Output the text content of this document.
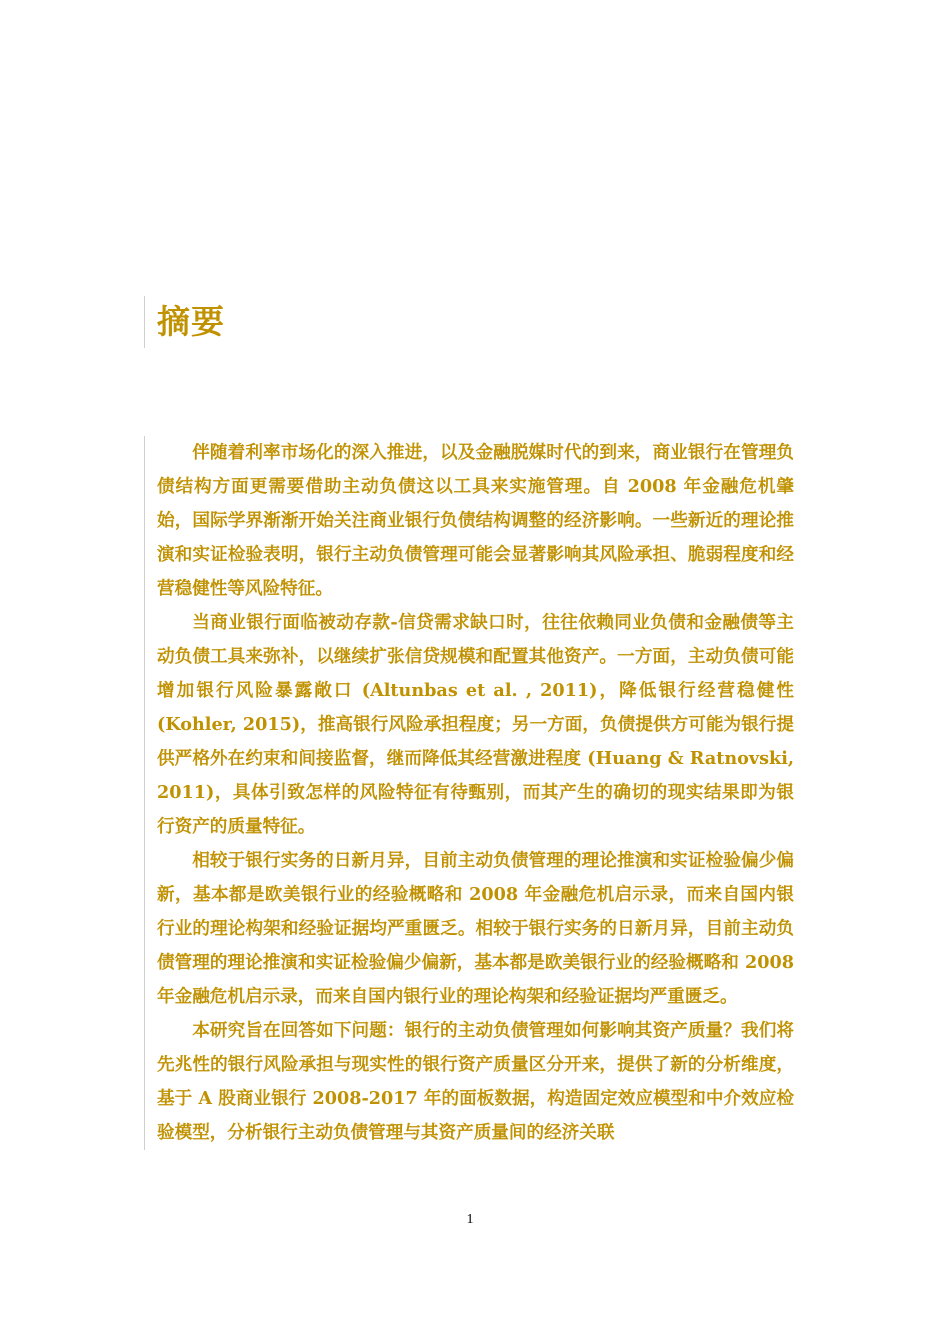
摘要

伴随着利率市场化的深入推进，以及金融脱媒时代的到来，商业银行在管理负债结构方面更需要借助主动负债这以工具来实施管理。自 2008 年金融危机肇始，国际学界渐渐开始关注商业银行负债结构调整的经济影响。一些新近的理论推演和实证检验表明，银行主动负债管理可能会显著影响其风险承担、脆弱程度和经营稳健性等风险特征。

当商业银行面临被动存款-信贷需求缺口时，往往依赖同业负债和金融债等主动负债工具来弥补，以继续扩张信贷规模和配置其他资产。一方面，主动负债可能增加银行风险暴露敞口 (Altunbas et al. , 2011)，降低银行经营稳健性 (Kohler, 2015)，推高银行风险承担程度；另一方面，负债提供方可能为银行提供严格外在约束和间接监督，继而降低其经营激进程度 (Huang & Ratnovski, 2011)，具体引致怎样的风险特征有待甄别，而其产生的确切的现实结果即为银行资产的质量特征。

相较于银行实务的日新月异，目前主动负债管理的理论推演和实证检验偏少偏新，基本都是欧美银行业的经验概略和 2008 年金融危机启示录，而来自国内银行业的理论构架和经验证据均严重匮乏。相较于银行实务的日新月异，目前主动负债管理的理论推演和实证检验偏少偏新，基本都是欧美银行业的经验概略和 2008 年金融危机启示录，而来自国内银行业的理论构架和经验证据均严重匮乏。

本研究旨在回答如下问题：银行的主动负债管理如何影响其资产质量？我们将先兆性的银行风险承担与现实性的银行资产质量区分开来，提供了新的分析维度，基于 A 股商业银行 2008-2017 年的面板数据，构造固定效应模型和中介效应检验模型，分析银行主动负债管理与其资产质量间的经济关联

1
